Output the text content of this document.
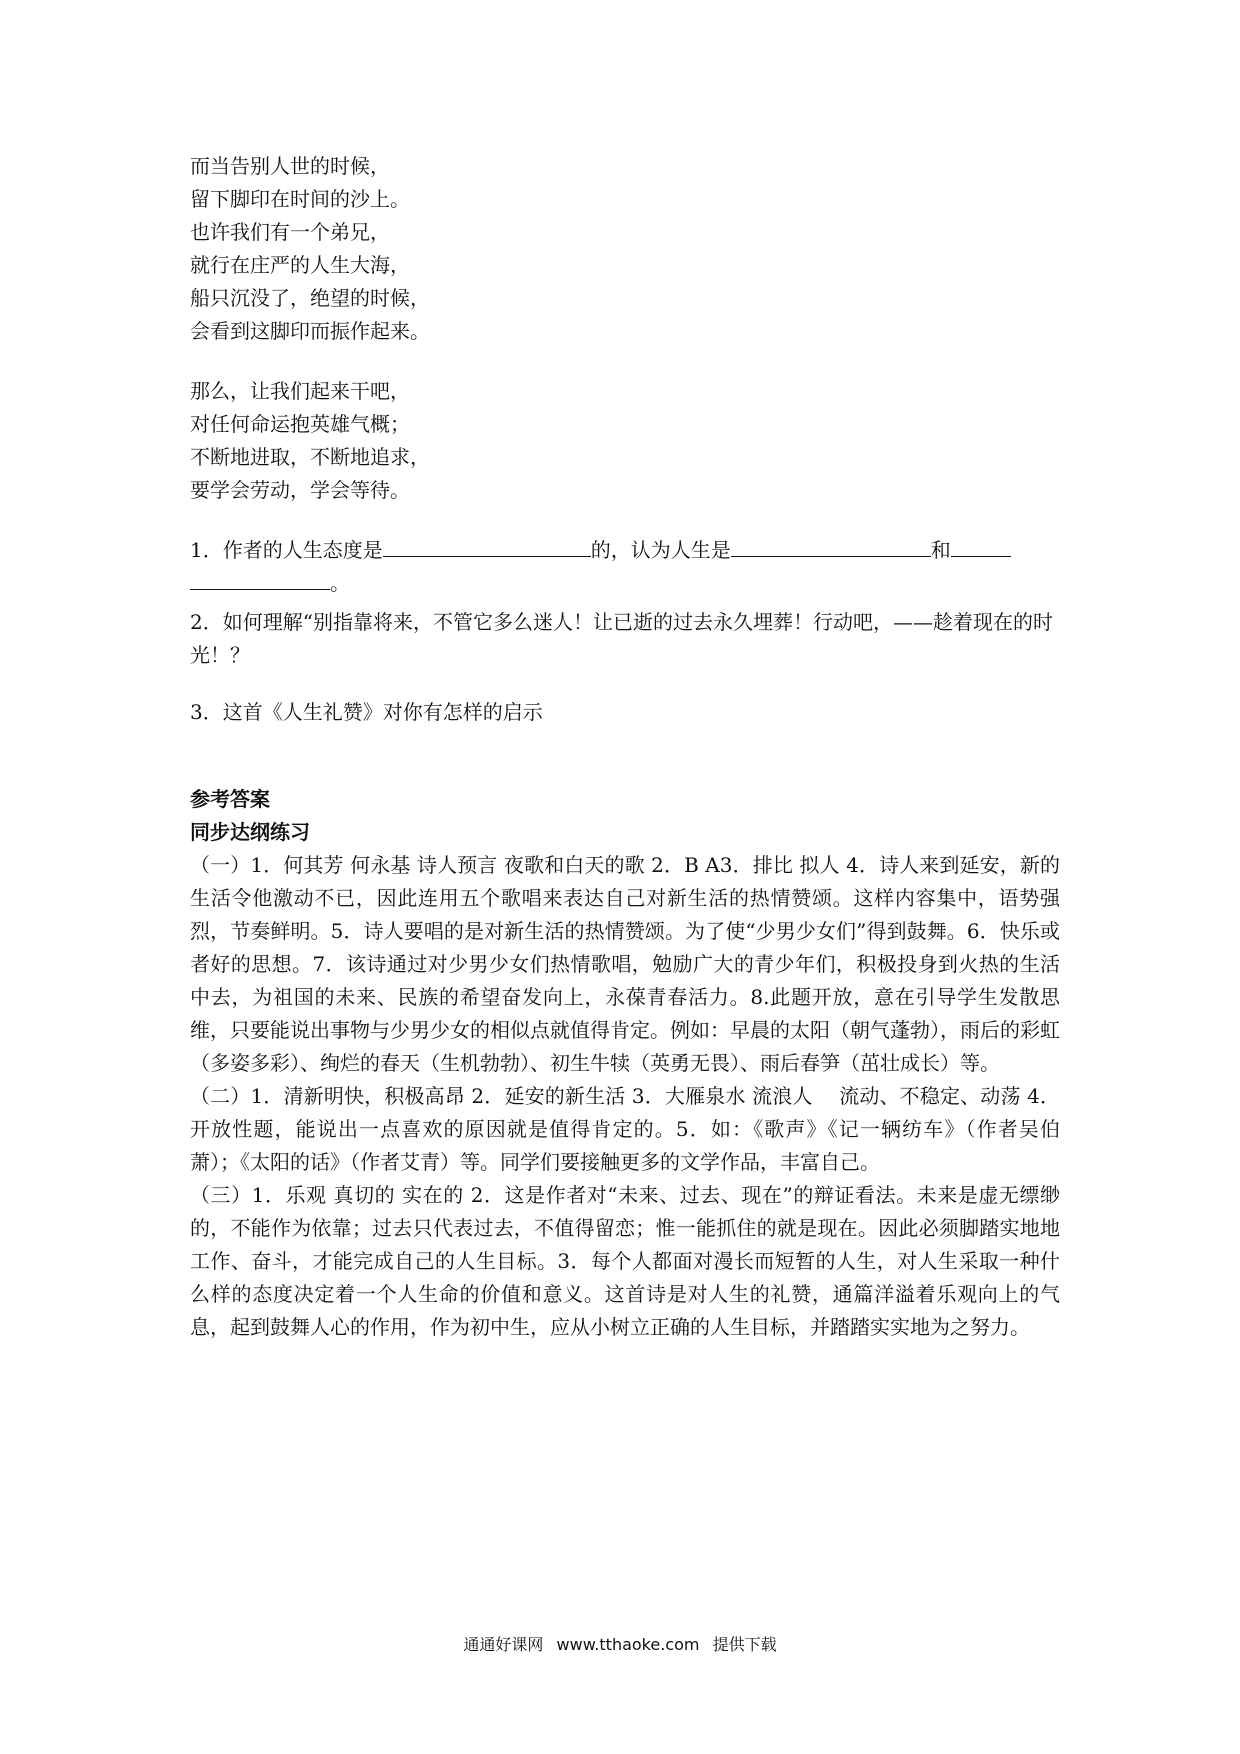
而当告别人世的时候，
留下脚印在时间的沙上。
也许我们有一个弟兄，
就行在庄严的人生大海，
船只沉没了，绝望的时候，
会看到这脚印而振作起来。
那么，让我们起来干吧，
对任何命运抱英雄气概；
不断地进取，不断地追求，
要学会劳动，学会等待。
1．作者的人生态度是	的，认为人生是	和
。
2．如何理解“别指靠将来，不管它多么迷人！让已逝的过去永久埋葬！行动吧，——趁着现在的时光！？
3．这首《人生礼赞》对你有怎样的启示
参考答案
同步达纲练习

（一）1．何其芳 何永基 诗人预言 夜歌和白天的歌 2．B A3．排比 拟人 4．诗人来到延安，新的生活令他激动不已，因此连用五个歌唱来表达自己对新生活的热情赞颂。这样内容集中，语势强烈，节奏鲜明。5．诗人要唱的是对新生活的热情赞颂。为了使“少男少女们”得到鼓舞。6．快乐或者好的思想。7．该诗通过对少男少女们热情歌唱，勉励广大的青少年们，积极投身到火热的生活中去，为祖国的未来、民族的希望奋发向上，永葆青春活力。8.此题开放，意在引导学生发散思维，只要能说出事物与少男少女的相似点就值得肯定。例如：早晨的太阳（朝气蓬勃），雨后的彩虹（多姿多彩）、绚烂的春天（生机勃勃）、初生牛犊（英勇无畏）、雨后春笋（茁壮成长）等。

（二）1．清新明快，积极高昂 2．延安的新生活 3．大雁泉水 流浪人　 流动、不稳定、动荡 4．开放性题，能说出一点喜欢的原因就是值得肯定的。5．如：《歌声》《记一辆纺车》（作者吴伯萧）；《太阳的话》（作者艾青）等。同学们要接触更多的文学作品，丰富自己。

（三）1．乐观 真切的 实在的 2．这是作者对“未来、过去、现在”的辩证看法。未来是虚无缥缈的，不能作为依靠；过去只代表过去，不值得留恋；惟一能抓住的就是现在。因此必须脚踏实地地工作、奋斗，才能完成自己的人生目标。3．每个人都面对漫长而短暂的人生，对人生采取一种什么样的态度决定着一个人生命的价值和意义。这首诗是对人生的礼赞，通篇洋溢着乐观向上的气息，起到鼓舞人心的作用，作为初中生，应从小树立正确的人生目标，并踏踏实实地为之努力。

通通好课网 www.tthaoke.com 提供下载
